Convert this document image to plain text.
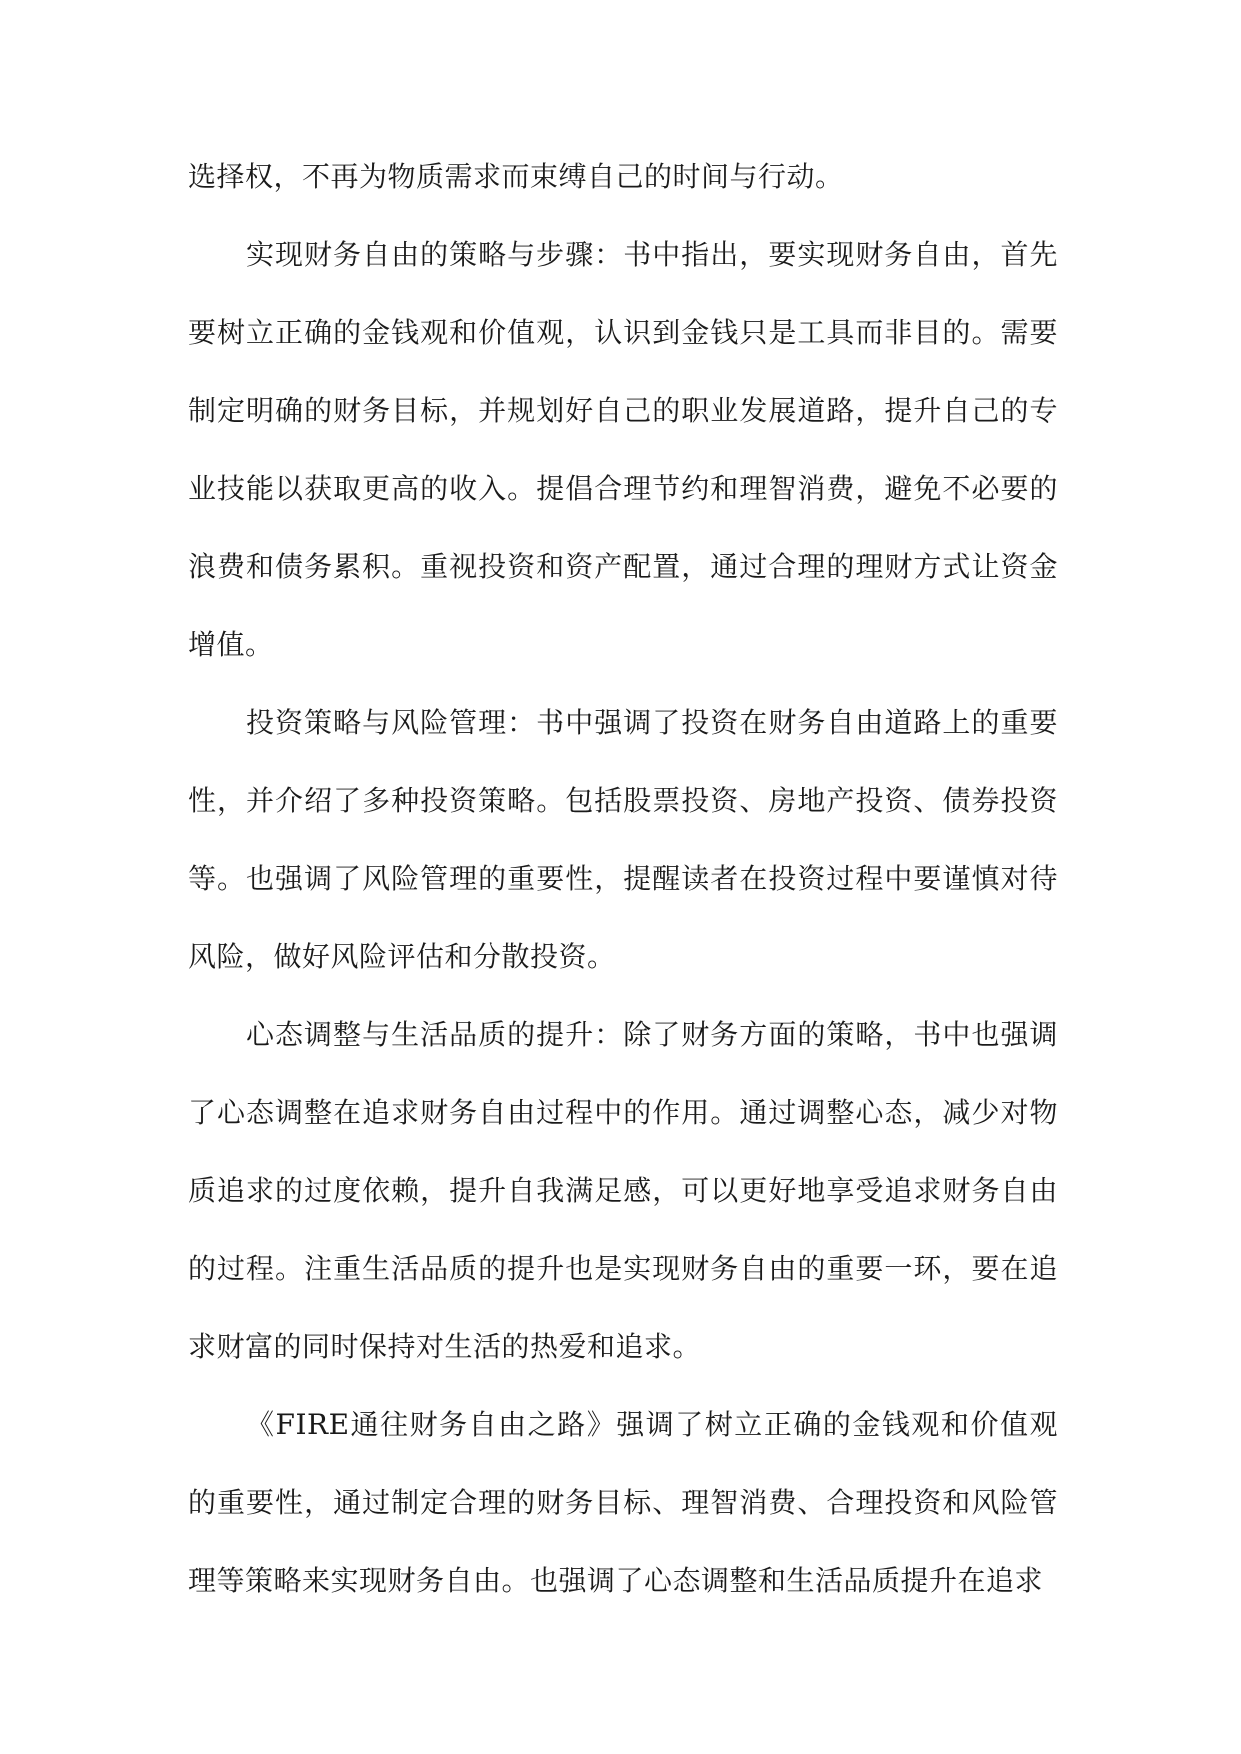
选择权，不再为物质需求而束缚自己的时间与行动。

实现财务自由的策略与步骤：书中指出，要实现财务自由，首先要树立正确的金钱观和价值观，认识到金钱只是工具而非目的。需要制定明确的财务目标，并规划好自己的职业发展道路，提升自己的专业技能以获取更高的收入。提倡合理节约和理智消费，避免不必要的浪费和债务累积。重视投资和资产配置，通过合理的理财方式让资金增值。

投资策略与风险管理：书中强调了投资在财务自由道路上的重要性，并介绍了多种投资策略。包括股票投资、房地产投资、债券投资等。也强调了风险管理的重要性，提醒读者在投资过程中要谨慎对待风险，做好风险评估和分散投资。

心态调整与生活品质的提升：除了财务方面的策略，书中也强调了心态调整在追求财务自由过程中的作用。通过调整心态，减少对物质追求的过度依赖，提升自我满足感，可以更好地享受追求财务自由的过程。注重生活品质的提升也是实现财务自由的重要一环，要在追求财富的同时保持对生活的热爱和追求。

《FIRE通往财务自由之路》强调了树立正确的金钱观和价值观的重要性，通过制定合理的财务目标、理智消费、合理投资和风险管理等策略来实现财务自由。也强调了心态调整和生活品质提升在追求
